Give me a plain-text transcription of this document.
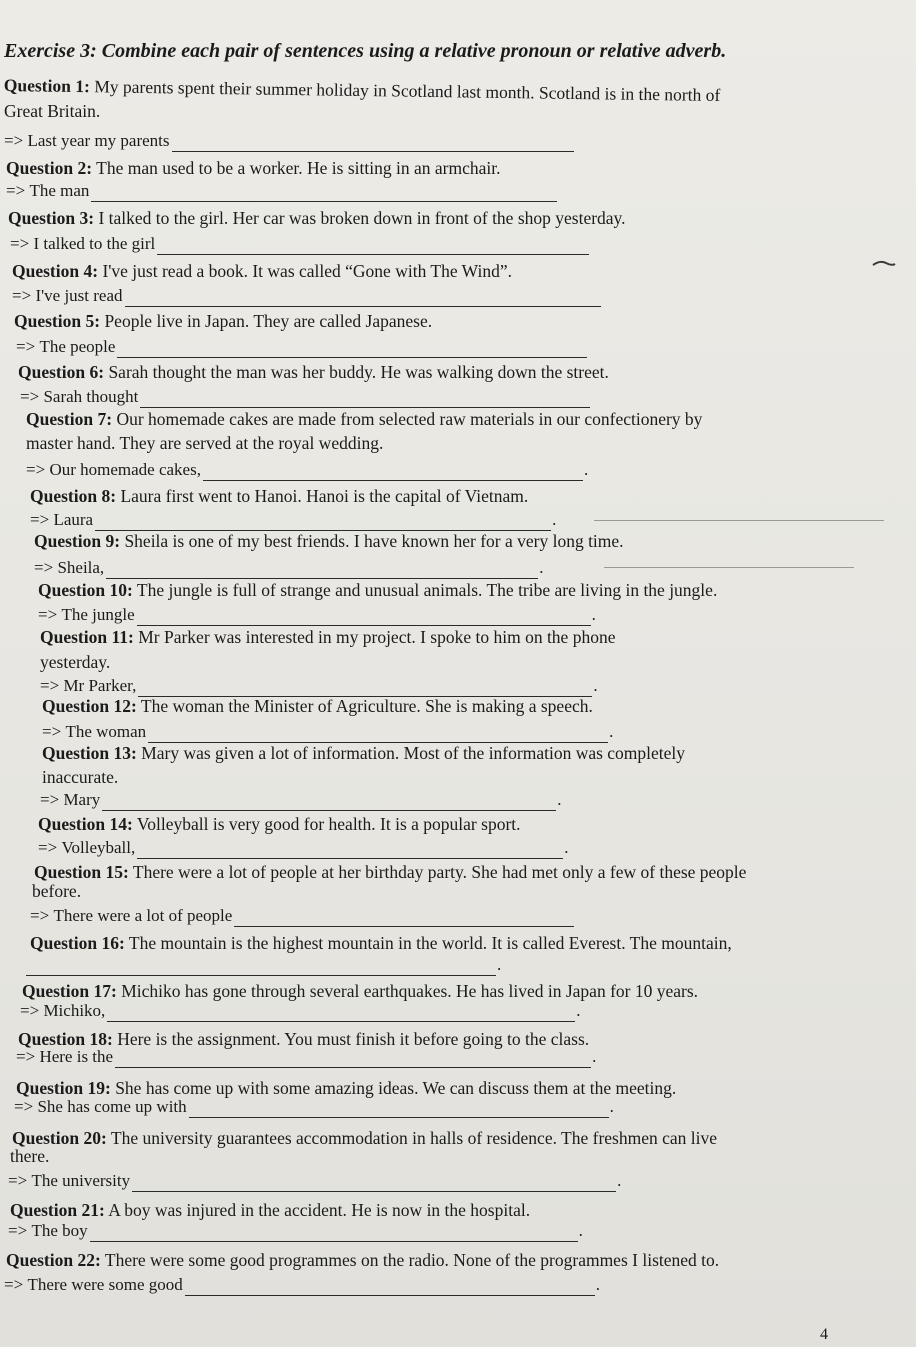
Exercise 3: Combine each pair of sentences using a relative pronoun or relative adverb.
Question 1: My parents spent their summer holiday in Scotland last month. Scotland is in the north of
Great Britain.
=>
Last year my parents
Question 2: The man used to be a worker. He is sitting in an armchair.
=>
The man
Question 3: I talked to the girl. Her car was broken down in front of the shop yesterday.
=>
I talked to the girl
Question 4: I've just read a book. It was called “Gone with The Wind”.
=>
I've just read
Question 5: People live in Japan. They are called Japanese.
=>
The people
Question 6: Sarah thought the man was her buddy. He was walking down the street.
=>
Sarah thought
Question 7: Our homemade cakes are made from selected raw materials in our confectionery by
master hand. They are served at the royal wedding.
=>
Our homemade cakes,	.
Question 8: Laura first went to Hanoi. Hanoi is the capital of Vietnam.
=>
Laura	.
Question 9: Sheila is one of my best friends. I have known her for a very long time.
=>
Sheila,	.
Question 10: The jungle is full of strange and unusual animals. The tribe are living in the jungle.
=>
The jungle	.
Question 11: Mr Parker was interested in my project. I spoke to him on the phone
yesterday.
=>
Mr Parker,	.
Question 12: The woman the Minister of Agriculture. She is making a speech.
=>
The woman	.
Question 13: Mary was given a lot of information. Most of the information was completely
inaccurate.
=>
Mary	.
Question 14: Volleyball is very good for health. It is a popular sport.
=>
Volleyball,	.
Question 15: There were a lot of people at her birthday party. She had met only a few of these people
before.
=>
There were a lot of people
Question 16: The mountain is the highest mountain in the world. It is called Everest. The mountain,
.
Question 17: Michiko has gone through several earthquakes. He has lived in Japan for 10 years.
=>
Michiko,	.
Question 18: Here is the assignment. You must finish it before going to the class.
=>
Here is the	.
Question 19: She has come up with some amazing ideas. We can discuss them at the meeting.
=>
She has come up with	.
Question 20: The university guarantees accommodation in halls of residence. The freshmen can live
there.
=>
The university	.
Question 21: A boy was injured in the accident. He is now in the hospital.
=>
The boy	.
Question 22: There were some good programmes on the radio. None of the programmes I listened to.
=>
There were some good	.
4
